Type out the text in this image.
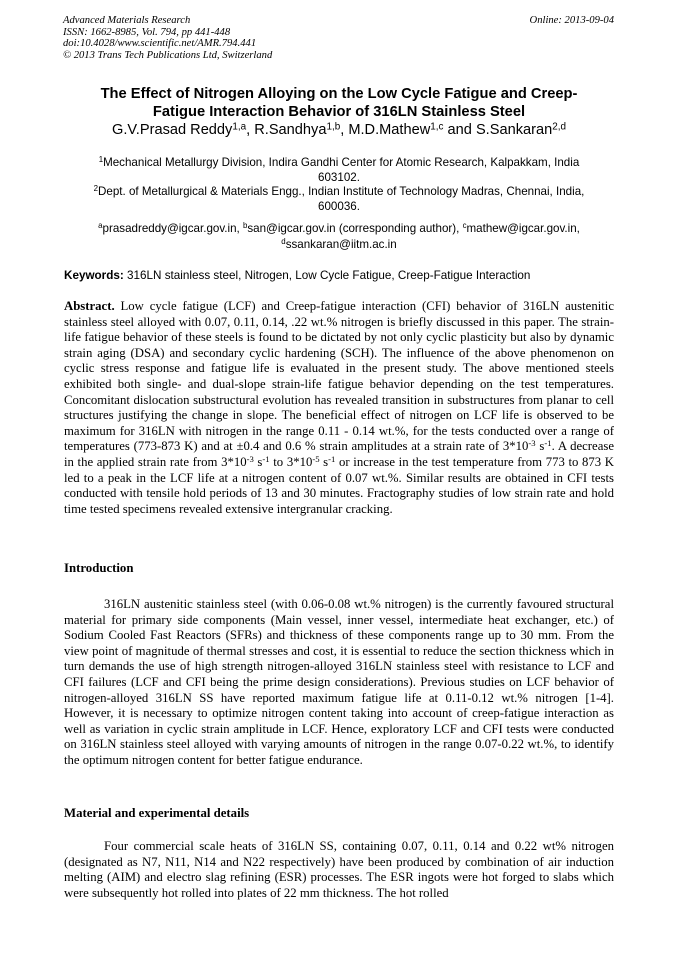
Advanced Materials Research
ISSN: 1662-8985, Vol. 794, pp 441-448
doi:10.4028/www.scientific.net/AMR.794.441
© 2013 Trans Tech Publications Ltd, Switzerland
Online: 2013-09-04
The Effect of Nitrogen Alloying on the Low Cycle Fatigue and Creep-
Fatigue Interaction Behavior of 316LN Stainless Steel
G.V.Prasad Reddy$^{1,a}$, R.Sandhya$^{1,b}$, M.D.Mathew$^{1,c}$ and S.Sankaran$^{2,d}$
$^1$Mechanical Metallurgy Division, Indira Gandhi Center for Atomic Research, Kalpakkam, India
603102.
$^2$Dept. of Metallurgical & Materials Engg., Indian Institute of Technology Madras, Chennai, India,
600036.
$^a$prasadreddy@igcar.gov.in, $^b$san@igcar.gov.in (corresponding author), $^c$mathew@igcar.gov.in,
$^d$ssankaran@iitm.ac.in
Keywords: 316LN stainless steel, Nitrogen, Low Cycle Fatigue, Creep-Fatigue Interaction
Abstract. Low cycle fatigue (LCF) and Creep-fatigue interaction (CFI) behavior of 316LN austenitic stainless steel alloyed with 0.07, 0.11, 0.14, .22 wt.% nitrogen is briefly discussed in this paper. The strain-life fatigue behavior of these steels is found to be dictated by not only cyclic plasticity but also by dynamic strain aging (DSA) and secondary cyclic hardening (SCH). The influence of the above phenomenon on cyclic stress response and fatigue life is evaluated in the present study. The above mentioned steels exhibited both single- and dual-slope strain-life fatigue behavior depending on the test temperatures. Concomitant dislocation substructural evolution has revealed transition in substructures from planar to cell structures justifying the change in slope. The beneficial effect of nitrogen on LCF life is observed to be maximum for 316LN with nitrogen in the range 0.11 - 0.14 wt.%, for the tests conducted over a range of temperatures (773-873 K) and at ±0.4 and 0.6 % strain amplitudes at a strain rate of $3*10^{-3}$ $s^{-1}$. A decrease in the applied strain rate from $3*10^{-3}$ $s^{-1}$ to $3*10^{-5}$ $s^{-1}$ or increase in the test temperature from 773 to 873 K led to a peak in the LCF life at a nitrogen content of 0.07 wt.%. Similar results are obtained in CFI tests conducted with tensile hold periods of 13 and 30 minutes. Fractography studies of low strain rate and hold time tested specimens revealed extensive intergranular cracking.
Introduction
316LN austenitic stainless steel (with 0.06-0.08 wt.% nitrogen) is the currently favoured structural material for primary side components (Main vessel, inner vessel, intermediate heat exchanger, etc.) of Sodium Cooled Fast Reactors (SFRs) and thickness of these components range up to 30 mm. From the view point of magnitude of thermal stresses and cost, it is essential to reduce the section thickness which in turn demands the use of high strength nitrogen-alloyed 316LN stainless steel with resistance to LCF and CFI failures (LCF and CFI being the prime design considerations). Previous studies on LCF behavior of nitrogen-alloyed 316LN SS have reported maximum fatigue life at 0.11-0.12 wt.% nitrogen [1-4]. However, it is necessary to optimize nitrogen content taking into account of creep-fatigue interaction as well as variation in cyclic strain amplitude in LCF. Hence, exploratory LCF and CFI tests were conducted on 316LN stainless steel alloyed with varying amounts of nitrogen in the range 0.07-0.22 wt.%, to identify the optimum nitrogen content for better fatigue endurance.
Material and experimental details
Four commercial scale heats of 316LN SS, containing 0.07, 0.11, 0.14 and 0.22 wt% nitrogen (designated as N7, N11, N14 and N22 respectively) have been produced by combination of air induction melting (AIM) and electro slag refining (ESR) processes. The ESR ingots were hot forged to slabs which were subsequently hot rolled into plates of 22 mm thickness. The hot rolled
